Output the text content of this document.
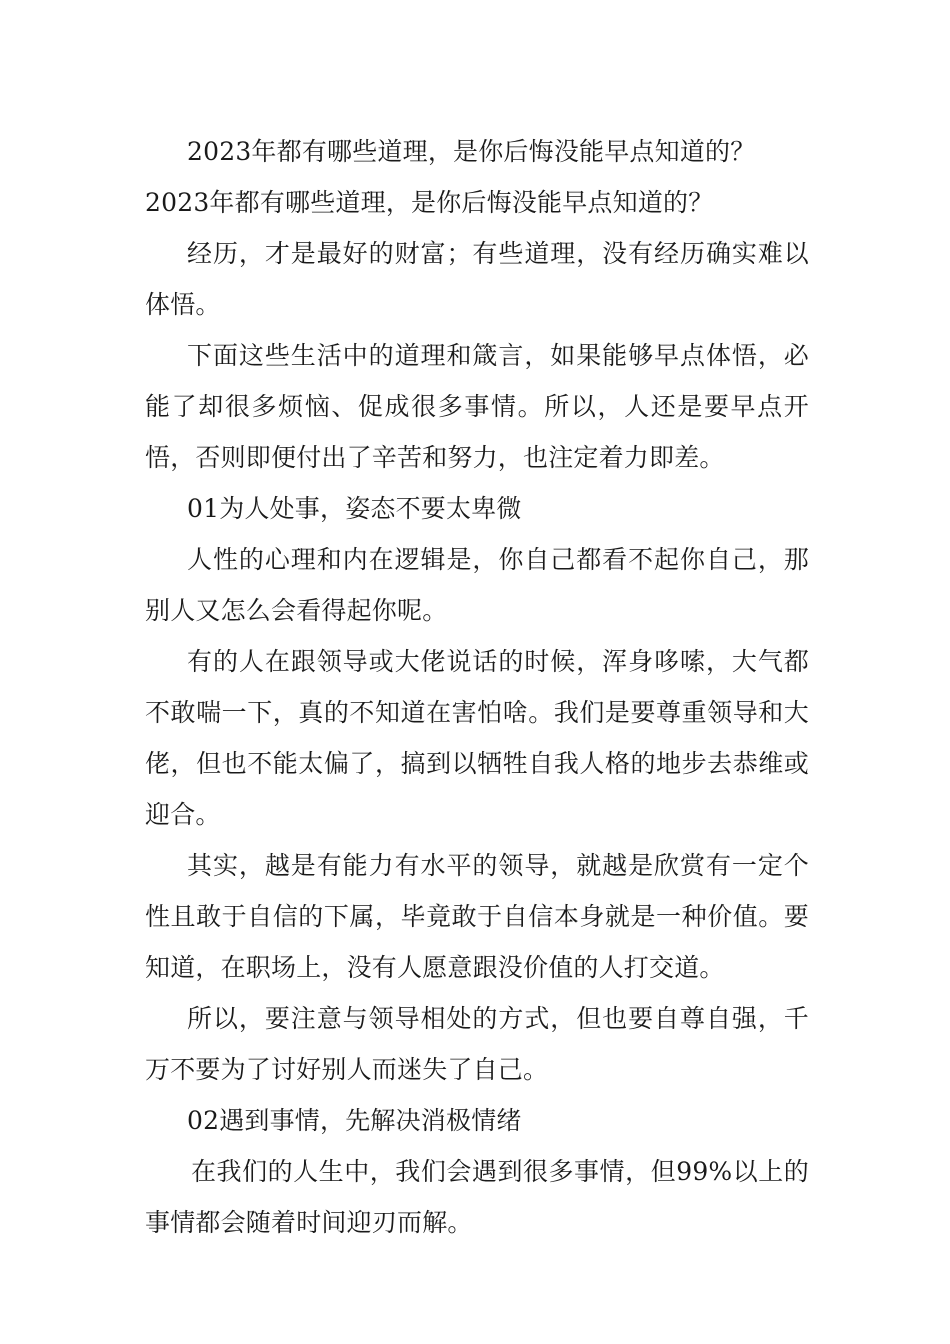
2023年都有哪些道理，是你后悔没能早点知道的？

2023年都有哪些道理，是你后悔没能早点知道的？

经历，才是最好的财富；有些道理，没有经历确实难以体悟。

下面这些生活中的道理和箴言，如果能够早点体悟，必能了却很多烦恼、促成很多事情。所以，人还是要早点开悟，否则即便付出了辛苦和努力，也注定着力即差。

01为人处事，姿态不要太卑微

人性的心理和内在逻辑是，你自己都看不起你自己，那别人又怎么会看得起你呢。

有的人在跟领导或大佬说话的时候，浑身哆嗦，大气都不敢喘一下，真的不知道在害怕啥。我们是要尊重领导和大佬，但也不能太偏了，搞到以牺牲自我人格的地步去恭维或迎合。

其实，越是有能力有水平的领导，就越是欣赏有一定个性且敢于自信的下属，毕竟敢于自信本身就是一种价值。要知道，在职场上，没有人愿意跟没价值的人打交道。

所以，要注意与领导相处的方式，但也要自尊自强，千万不要为了讨好别人而迷失了自己。

02遇到事情，先解决消极情绪

在我们的人生中，我们会遇到很多事情，但99%以上的事情都会随着时间迎刃而解。
